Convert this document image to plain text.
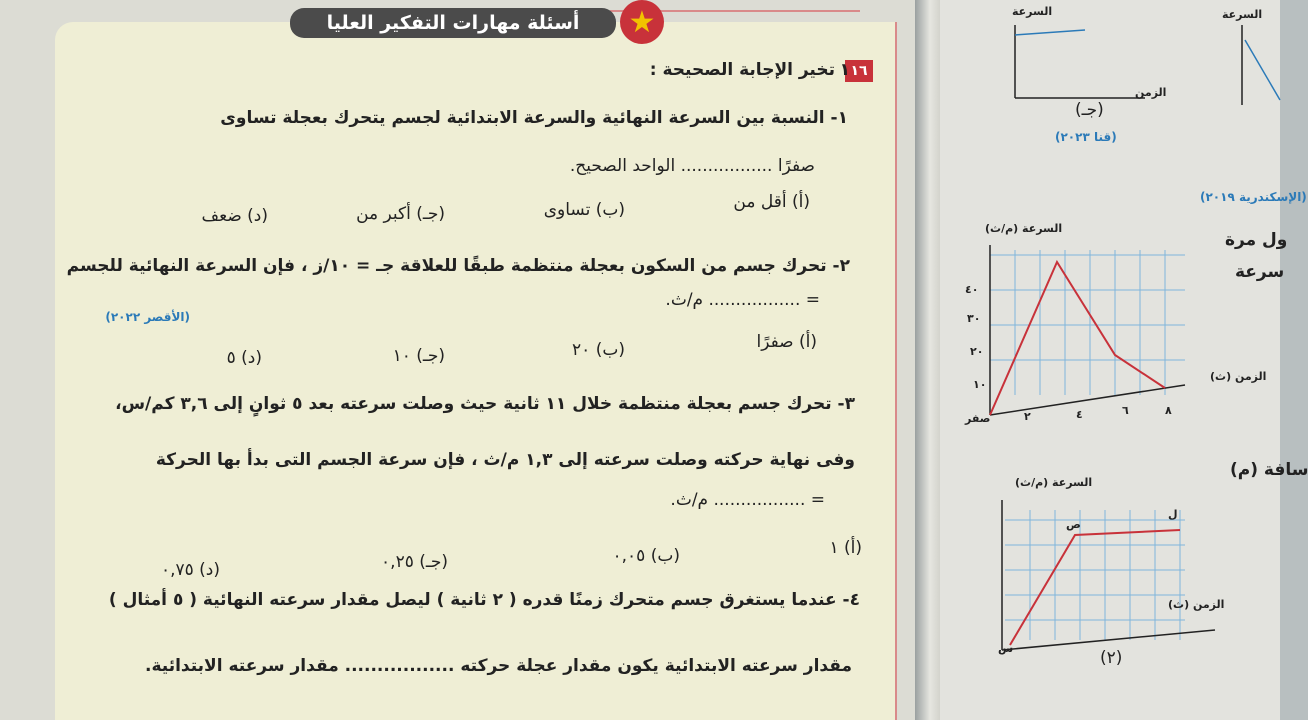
أسئلة مهارات التفكير العليا	★
١٦
١
تخير الإجابة الصحيحة :
١- النسبة بين السرعة النهائية والسرعة الابتدائية لجسم يتحرك بعجلة تساوى
صفرًا ................. الواحد الصحيح.
(أ) أقل من
(ب) تساوى
(جـ) أكبر من
(د) ضعف
٢- تحرك جسم من السكون بعجلة منتظمة طبقًا للعلاقة جـ = ١٠/ز ، فإن السرعة النهائية للجسم
= ................. م/ث.
(الأقصر ٢٠٢٢)
(أ) صفرًا
(ب) ٢٠
(جـ) ١٠
(د) ٥
٣- تحرك جسم بعجلة منتظمة خلال ١١ ثانية حيث وصلت سرعته بعد ٥ ثوانٍ إلى ٣,٦ كم/س،
وفى نهاية حركته وصلت سرعته إلى ١,٣ م/ث ، فإن سرعة الجسم التى بدأ بها الحركة
= ................. م/ث.
(أ) ١
(ب) ٠,٠٥
(جـ) ٠,٢٥
(د) ٠,٧٥
٤- عندما يستغرق جسم متحرك زمنًا قدره ( ٢ ثانية ) ليصل مقدار سرعته النهائية ( ٥ أمثال )
مقدار سرعته الابتدائية يكون مقدار عجلة حركته ................. مقدار سرعته الابتدائية.
السرعة
الزمن
(جـ)
(قنا ٢٠٢٣)
السرعة
(الإسكندرية ٢٠١٩)
ول مرة
سرعة
السرعة (م/ث)
الزمن (ث)
صفر	٢	٤	٦	٨
١٠
٢٠
٣٠
٤٠
السرعة (م/ث)
الزمن (ث)
ص
ل
س	(٢)
سافة (م)
